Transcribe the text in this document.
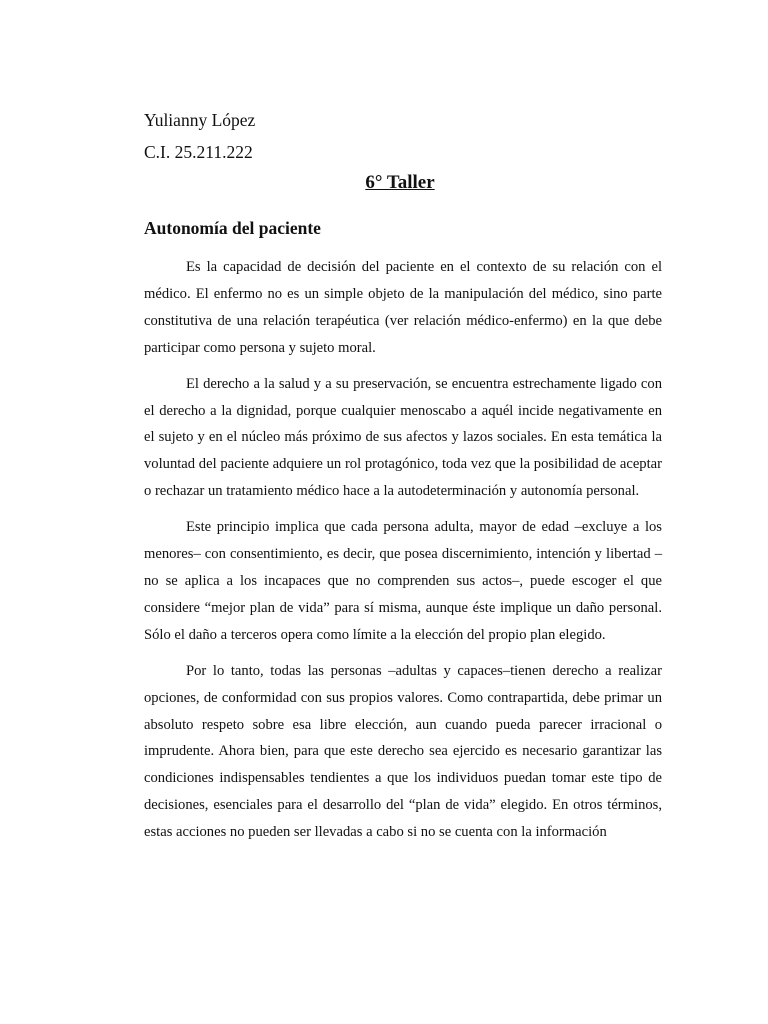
Yulianny López

C.I. 25.211.222

6° Taller
Autonomía del paciente

Es la capacidad de decisión del paciente en el contexto de su relación con el médico. El enfermo no es un simple objeto de la manipulación del médico, sino parte constitutiva de una relación terapéutica (ver relación médico-enfermo) en la que debe participar como persona y sujeto moral.

El derecho a la salud y a su preservación, se encuentra estrechamente ligado con el derecho a la dignidad, porque cualquier menoscabo a aquél incide negativamente en el sujeto y en el núcleo más próximo de sus afectos y lazos sociales. En esta temática la voluntad del paciente adquiere un rol protagónico, toda vez que la posibilidad de aceptar o rechazar un tratamiento médico hace a la autodeterminación y autonomía personal.

Este principio implica que cada persona adulta, mayor de edad –excluye a los menores– con consentimiento, es decir, que posea discernimiento, intención y libertad –no se aplica a los incapaces que no comprenden sus actos–, puede escoger el que considere “mejor plan de vida” para sí misma, aunque éste implique un daño personal. Sólo el daño a terceros opera como límite a la elección del propio plan elegido.

Por lo tanto, todas las personas –adultas y capaces–tienen derecho a realizar opciones, de conformidad con sus propios valores. Como contrapartida, debe primar un absoluto respeto sobre esa libre elección, aun cuando pueda parecer irracional o imprudente. Ahora bien, para que este derecho sea ejercido es necesario garantizar las condiciones indispensables tendientes a que los individuos puedan tomar este tipo de decisiones, esenciales para el desarrollo del “plan de vida” elegido. En otros términos, estas acciones no pueden ser llevadas a cabo si no se cuenta con la información
